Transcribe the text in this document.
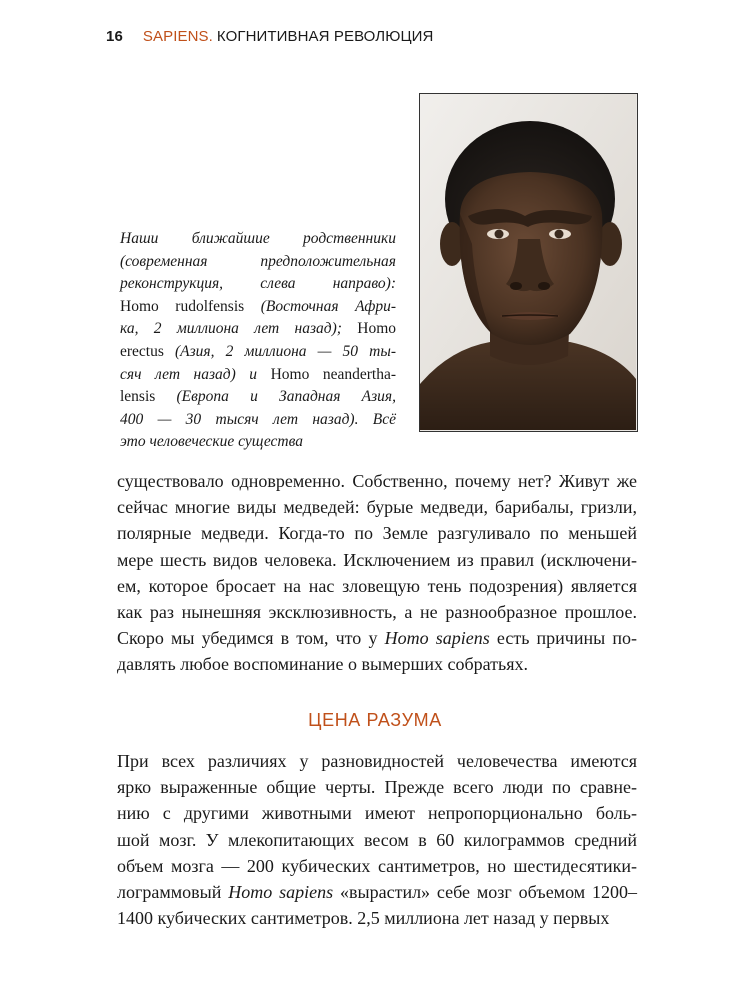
16 SAPIENS. КОГНИТИВНАЯ РЕВОЛЮЦИЯ
Наши ближайшие родственники
(современная предположительная
реконструкция, слева направо):
Homo rudolfensis (Восточная Афри-
ка, 2 миллиона лет назад); Homo
erectus (Азия, 2 миллиона — 50 ты-
сяч лет назад) и Homo neandertha-
lensis (Европа и Западная Азия,
400 — 30 тысяч лет назад). Всё
это человеческие существа
существовало одновременно. Собственно, почему нет? Живут же
сейчас многие виды медведей: бурые медведи, барибалы, гризли,
полярные медведи. Когда-то по Земле разгуливало по меньшей
мере шесть видов человека. Исключением из правил (исключени-
ем, которое бросает на нас зловещую тень подозрения) является
как раз нынешняя эксклюзивность, а не разнообразное прошлое.
Скоро мы убедимся в том, что у Homo sapiens есть причины по-
давлять любое воспоминание о вымерших собратьях.
ЦЕНА РАЗУМА
При всех различиях у разновидностей человечества имеются
ярко выраженные общие черты. Прежде всего люди по сравне-
нию с другими животными имеют непропорционально боль-
шой мозг. У млекопитающих весом в 60 килограммов средний
объем мозга — 200 кубических сантиметров, но шестидесятики-
лограммовый Homo sapiens «вырастил» себе мозг объемом 1200–
1400 кубических сантиметров. 2,5 миллиона лет назад у первых
